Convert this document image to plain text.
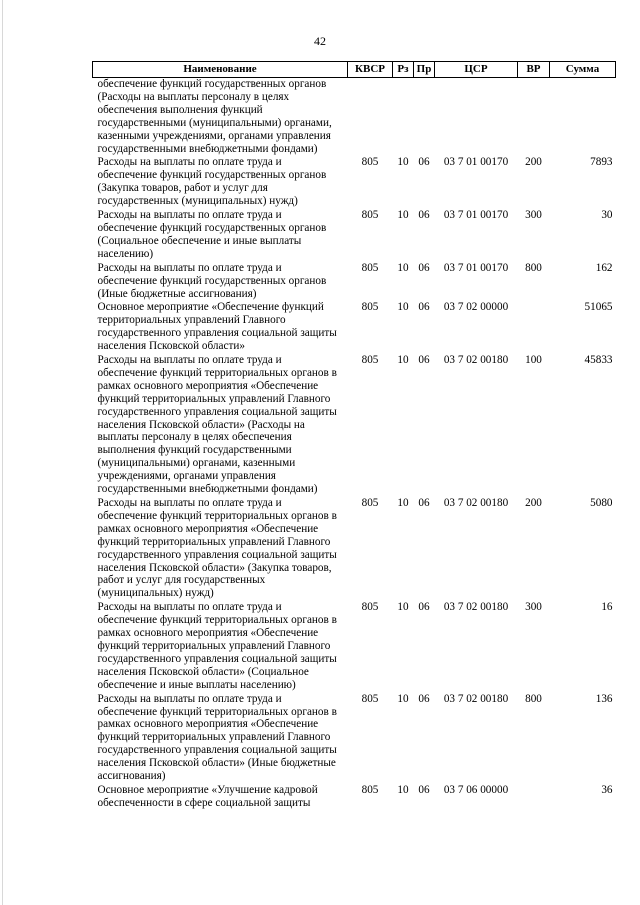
42
Наименование	КВСР	Рз	Пр	ЦСР	ВР	Сумма
обеспечение функций государственных органов (Расходы на выплаты персоналу в целях обеспечения выполнения функций государственными (муниципальными) органами, казенными учреждениями, органами управления государственными внебюджетными фондами)						
Расходы на выплаты по оплате труда и обеспечение функций государственных органов (Закупка товаров, работ и услуг для государственных (муниципальных) нужд)	805	10	06	03 7 01 00170	200	7893
Расходы на выплаты по оплате труда и обеспечение функций государственных органов (Социальное обеспечение и иные выплаты населению)	805	10	06	03 7 01 00170	300	30
Расходы на выплаты по оплате труда и обеспечение функций государственных органов (Иные бюджетные ассигнования)	805	10	06	03 7 01 00170	800	162
Основное мероприятие «Обеспечение функций территориальных управлений Главного государственного управления социальной защиты населения Псковской области»	805	10	06	03 7 02 00000		51065
Расходы на выплаты по оплате труда и обеспечение функций территориальных органов в рамках основного мероприятия «Обеспечение функций территориальных управлений Главного государственного управления социальной защиты населения Псковской области» (Расходы на выплаты персоналу в целях обеспечения выполнения функций государственными (муниципальными) органами, казенными учреждениями, органами управления государственными внебюджетными фондами)	805	10	06	03 7 02 00180	100	45833
Расходы на выплаты по оплате труда и обеспечение функций территориальных органов в рамках основного мероприятия «Обеспечение функций территориальных управлений Главного государственного управления социальной защиты населения Псковской области» (Закупка товаров, работ и услуг для государственных (муниципальных) нужд)	805	10	06	03 7 02 00180	200	5080
Расходы на выплаты по оплате труда и обеспечение функций территориальных органов в рамках основного мероприятия «Обеспечение функций территориальных управлений Главного государственного управления социальной защиты населения Псковской области» (Социальное обеспечение и иные выплаты населению)	805	10	06	03 7 02 00180	300	16
Расходы на выплаты по оплате труда и обеспечение функций территориальных органов в рамках основного мероприятия «Обеспечение функций территориальных управлений Главного государственного управления социальной защиты населения Псковской области» (Иные бюджетные ассигнования)	805	10	06	03 7 02 00180	800	136
Основное мероприятие «Улучшение кадровой обеспеченности в сфере социальной защиты	805	10	06	03 7 06 00000		36
